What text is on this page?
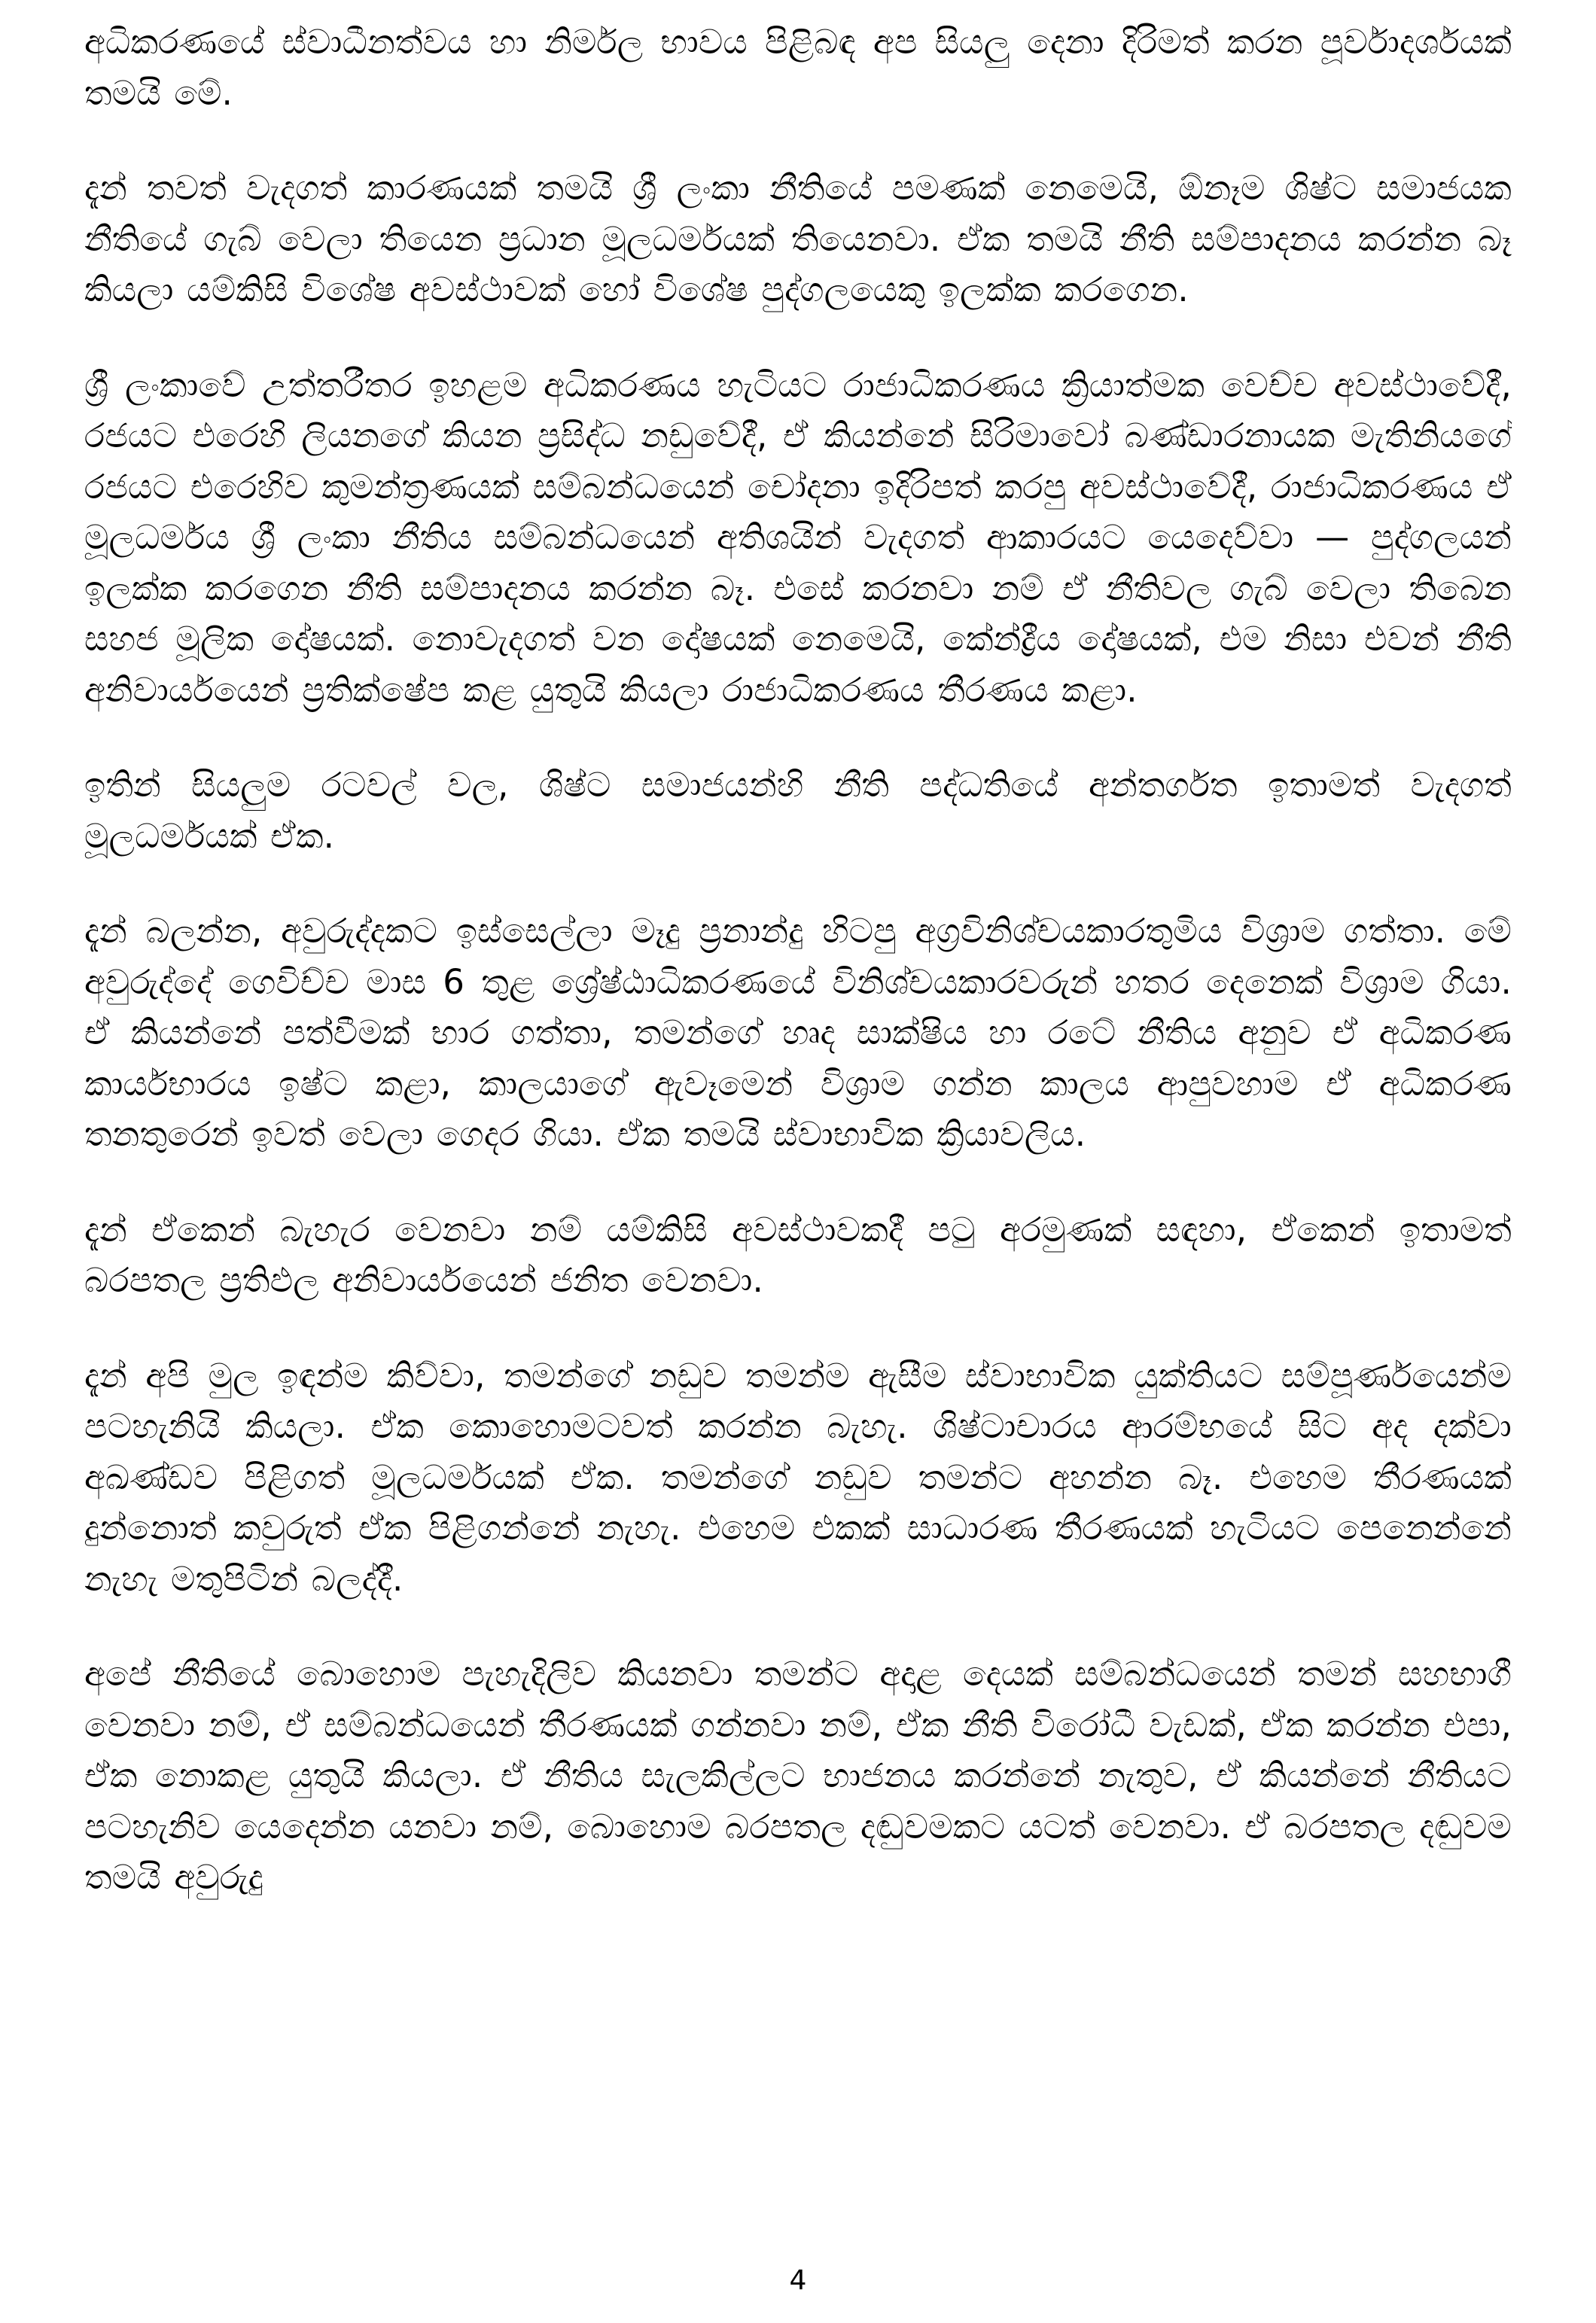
අධිකරණයේ ස්වාධීනත්වය හා නිර්මල භාවය පිළිබඳ අප සියලු දෙනා දිරිමත් කරන පූර්වාදර්ශයක් තමයි මේ.

දැන් තවත් වැදගත් කාරණයක් තමයි ශ්‍රී ලංකා නීතියේ පමණක් නෙමෙයි, ඕනෑම ශිෂ්ට සමාජයක නීතියේ ගැබ් වෙලා තියෙන ප්‍රධාන මූලධර්මයක් තියෙනවා. ඒක තමයි නීති සම්පාදනය කරන්න බෑ කියලා යම්කිසි විශේෂ අවස්ථාවක් හෝ විශේෂ පුද්ගලයෙකු ඉලක්ක කරගෙන.

ශ්‍රී ලංකාවේ උත්තරීතර ඉහළම අධිකරණය හැටියට රාජාධිකරණය ක්‍රියාත්මක වෙච්ච අවස්ථාවේදී, රජයට එරෙහි ලියනගේ කියන ප්‍රසිද්ධ නඩුවේදී, ඒ කියන්නේ සිරිමාවෝ බණ්ඩාරනායක මැතිනියගේ රජයට එරෙහිව කුමන්ත්‍රණයක් සම්බන්ධයෙන් චෝදනා ඉදිරිපත් කරපු අවස්ථාවේදී, රාජාධිකරණය ඒ මූලධර්මය ශ්‍රී ලංකා නීතිය සම්බන්ධයෙන් අතිශයින් වැදගත් ආකාරයට යෙදෙව්වා — පුද්ගලයන් ඉලක්ක කරගෙන නීති සම්පාදනය කරන්න බෑ. එසේ කරනවා නම් ඒ නීතිවල ගැබ් වෙලා තිබෙන සහජ මූලික දෝෂයක්. නොවැදගත් වන දෝෂයක් නෙමෙයි, කේන්ද්‍රීය දෝෂයක්, එම නිසා එවන් නීති අනිවාර්යයෙන් ප්‍රතික්ෂේප කළ යුතුයි කියලා රාජාධිකරණය තීරණය කළා.

ඉතින් සියලුම රටවල් වල, ශිෂ්ට සමාජයන්හි නීති පද්ධතියේ අන්තර්ගත ඉතාමත් වැදගත් මූලධර්මයක් ඒක.

දැන් බලන්න, අවුරුද්දකට ඉස්සෙල්ලා මෑදු ප්‍රනාන්දු හිටපු අග්‍රවිනිශ්චයකාරතුමිය විශ්‍රාම ගත්තා. මේ අවුරුද්දේ ගෙවිච්ච මාස 6 තුළ ශ්‍රේෂ්ඨාධිකරණයේ විනිශ්චයකාරවරුන් හතර දෙනෙක් විශ්‍රාම ගියා. ඒ කියන්නේ පත්වීමක් භාර ගත්තා, තමන්ගේ හෘද සාක්ෂිය හා රටේ නීතිය අනුව ඒ අධිකරණ කාර්යභාරය ඉෂ්ට කළා, කාලයාගේ ඇවෑමෙන් විශ්‍රාම ගන්න කාලය ආපුවහාම ඒ අධිකරණ තනතුරෙන් ඉවත් වෙලා ගෙදර ගියා. ඒක තමයි ස්වාභාවික ක්‍රියාවලිය.

දැන් ඒකෙන් බැහැර වෙනවා නම් යම්කිසි අවස්ථාවකදී පටු අරමුණක් සඳහා, ඒකෙන් ඉතාමත් බරපතල ප්‍රතිඵල අනිවාර්යයෙන් ජනිත වෙනවා.

දැන් අපි මුල ඉඳන්ම කිව්වා, තමන්ගේ නඩුව තමන්ම ඇසීම ස්වාභාවික යුක්තියට සම්පූර්ණයෙන්ම පටහැනියි කියලා. ඒක කොහොමටවත් කරන්න බැහැ. ශිෂ්ටාචාරය ආරම්භයේ සිට අද දක්වා අඛණ්ඩව පිළිගත් මූලධර්මයක් ඒක. තමන්ගේ නඩුව තමන්ට අහන්න බෑ. එහෙම තීරණයක් දුන්නොත් කවුරුත් ඒක පිළිගන්නේ නැහැ. එහෙම එකක් සාධාරණ තීරණයක් හැටියට පෙනෙන්නේ නැහැ මතුපිටින් බලද්දී.

අපේ නීතියේ බොහොම පැහැදිලිව කියනවා තමන්ට අදාළ දෙයක් සම්බන්ධයෙන් තමන් සහභාගී වෙනවා නම්, ඒ සම්බන්ධයෙන් තීරණයක් ගන්නවා නම්, ඒක නීති විරෝධී වැඩක්, ඒක කරන්න එපා, ඒක නොකළ යුතුයි කියලා. ඒ නීතිය සැලකිල්ලට භාජනය කරන්නේ නැතුව, ඒ කියන්නේ නීතියට පටහැනිව යෙදෙන්න යනවා නම්, බොහොම බරපතල දඬුවමකට යටත් වෙනවා. ඒ බරපතල දඬුවම තමයි අවුරුදු

4
